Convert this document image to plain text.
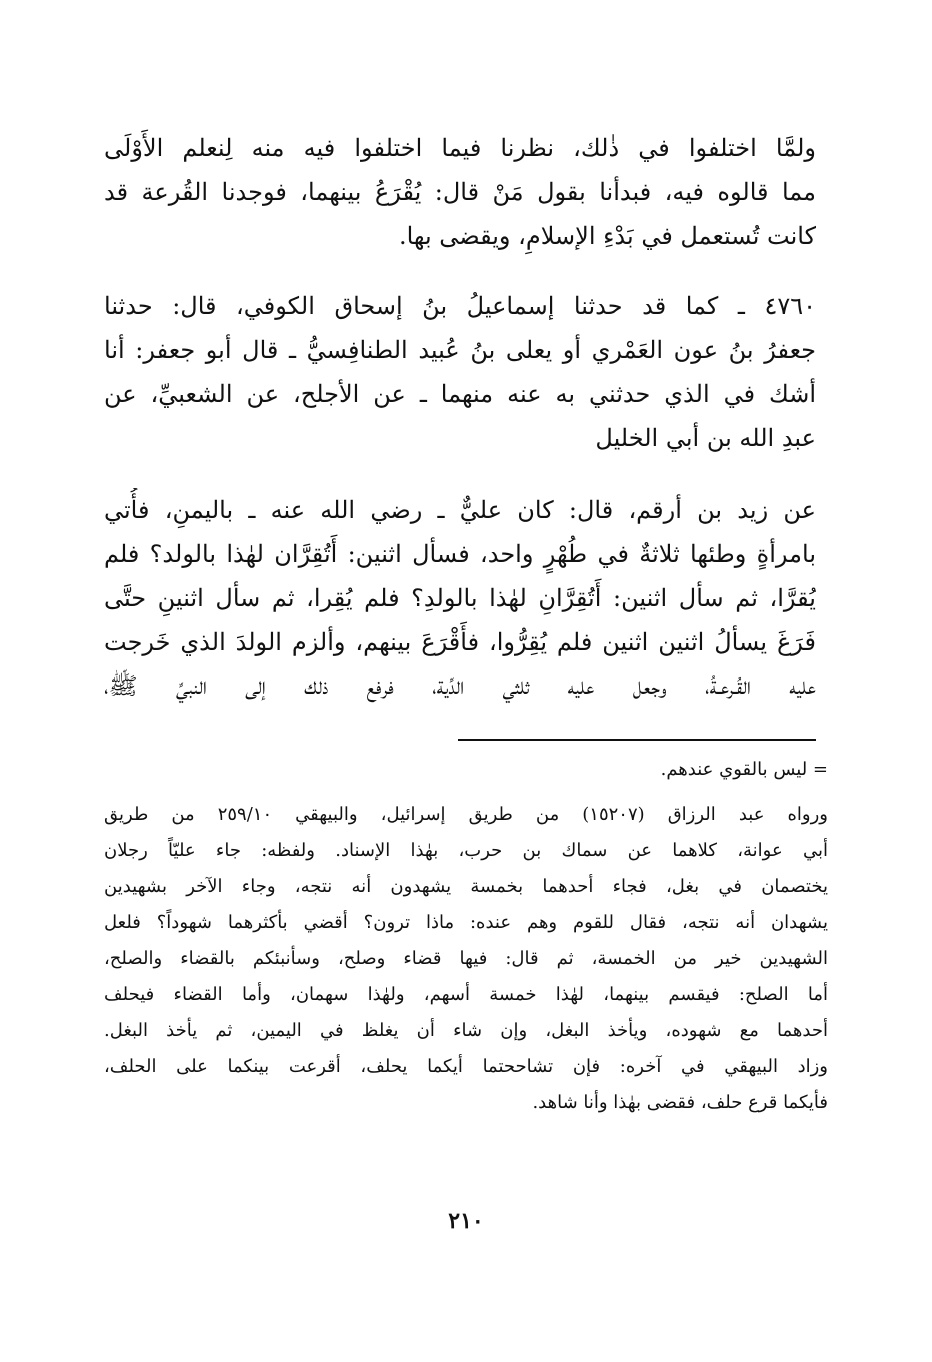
ولمَّا اختلفوا في ذٰلك، نظرنا فيما اختلفوا فيه منه لِنعلم الأَوْلَى
مما قالوه فيه، فبدأنا بقول مَنْ قال: يُقْرَعُ بينهما، فوجدنا القُرعة قد
كانت تُستعمل في بَدْءِ الإسلامِ، ويقضى بها.

٤٧٦٠ ـ كما قد حدثنا إسماعيلُ بنُ إسحاق الكوفي، قال: حدثنا
جعفرُ بنُ عون العَمْري أو يعلى بنُ عُبيد الطنافِسيُّ ـ قال أبو جعفر: أنا
أشك في الذي حدثني به عنه منهما ـ عن الأجلح، عن الشعبيِّ، عن
عبدِ الله بن أبي الخليل

عن زيد بن أرقم، قال: كان عليٌّ ـ رضي الله عنه ـ باليمنِ، فأُتي
بامرأةٍ وطئها ثلاثةٌ في طُهْرٍ واحد، فسأل اثنين: أَتُقِرَّان لهٰذا بالولد؟ فلم
يُقرَّا، ثم سأل اثنين: أَتُقِرَّانِ لهٰذا بالولدِ؟ فلم يُقِرا، ثم سأل اثنينِ حتَّى
فَرَغَ يسألُ اثنين اثنين فلم يُقِرُّوا، فأَقْرَعَ بينهم، وألزم الولدَ الذي خَرجت
عليه القُـرعـةُ، وجعل عليه ثلثي الدِّية، فرفع ذلك إلى النبيِّ ﷺ،

= ليس بالقوي عندهم.
ورواه عبد الرزاق (١٥٢٠٧) من طريق إسرائيل، والبيهقي ٢٥٩/١٠ من طريق
أبي عوانة، كلاهما عن سماك بن حرب، بهٰذا الإسناد. ولفظه: جاء عليّاً رجلان
يختصمان في بغل، فجاء أحدهما بخمسة يشهدون أنه نتجه، وجاء الآخر بشهيدين
يشهدان أنه نتجه، فقال للقوم وهم عنده: ماذا ترون؟ أقضي بأكثرهما شهوداً؟ فلعل
الشهيدين خير من الخمسة، ثم قال: فيها قضاء وصلح، وسأنبئكم بالقضاء والصلح،
أما الصلح: فيقسم بينهما، لهٰذا خمسة أسهم، ولهٰذا سهمان، وأما القضاء فيحلف
أحدهما مع شهوده، ويأخذ البغل، وإن شاء أن يغلظ في اليمين، ثم يأخذ البغل.
وزاد البيهقي في آخره: فإن تشاححتما أيكما يحلف، أقرعت بينكما على الحلف،
فأيكما قرع حلف، فقضى بهٰذا وأنا شاهد.
٢١٠
